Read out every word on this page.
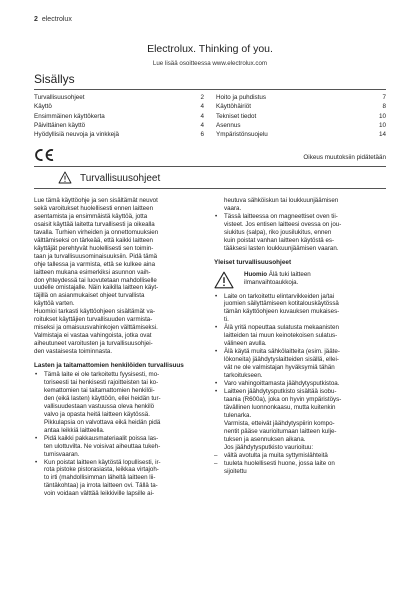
2 electrolux
Electrolux. Thinking of you.
Lue lisää osoitteessa www.electrolux.com
Sisällys
Turvallisuusohjeet	2
Käyttö	4
Ensimmäinen käyttökerta	4
Päivittäinen käyttö	4
Hyödyllisiä neuvoja ja vinkkejä	6
Hoito ja puhdistus	7
Käyttöhäiriöt	8
Tekniset tiedot	10
Asennus	10
Ympäristönsuojelu	14
Oikeus muutoksiin pidätetään
Turvallisuusohjeet
Lue tämä käyttöohje ja sen sisältämät neuvot
sekä varoitukset huolellisesti ennen laitteen
asentamista ja ensimmäistä käyttöä, jotta
osaisit käyttää laitetta turvallisesti ja oikealla
tavalla. Turhien virheiden ja onnettomuuksien
välttämiseksi on tärkeää, että kaikki laitteen
käyttäjät perehtyvät huolellisesti sen toimin-
taan ja turvallisuusominaisuuksiin. Pidä tämä
ohje tallessa ja varmista, että se kulkee aina
laitteen mukana esimerkiksi asunnon vaih-
don yhteydessä tai luovutetaan mahdolliselle
uudelle omistajalle. Näin kaikilla laitteen käyt-
täjillä on asianmukaiset ohjeet turvallista
käyttöä varten.
Huomioi tarkasti käyttöohjeen sisältämät va-
roitukset käyttäjien turvallisuuden varmista-
miseksi ja omaisuusvahinkojen välttämiseksi.
Valmistaja ei vastaa vahingoista, jotka ovat
aiheutuneet varoitusten ja turvallisuusohjei-
den vastaisesta toiminnasta.
Lasten ja taitamattomien henkilöiden turvallisuus
• Tämä laite ei ole tarkoitettu fyysisesti, mo-
toriseesti tai henkisesti rajoitteisten tai ko-
kemattomien tai taitamattomien henkilöi-
den (eikä lasten) käyttöön, ellei heidän tur-
vallisuudestaan vastuussa oleva henkilö
valvo ja opasta heitä laitteen käytössä.
Pikkulapsia on valvottava eikä heidän pidä
antaa leikkiä laitteella.
• Pidä kaikki pakkausmateriaalit poissa las-
ten ulottuvilta. Ne voisivat aiheuttaa tukeh-
tumisvaaran.
• Kun poistat laitteen käytöstä lopullisesti, ir-
rota pistoke pistorasiasta, leikkaa virtajoh-
to irti (mahdollisimman läheltä laitteen lii-
täntäkohtaa) ja irrota laitteen ovi. Tällä ta-
voin voidaan välttää leikkiville lapsille ai-
heutuva sähköiskun tai loukkuunjäämisen
vaara.
• Tässä laitteessa on magneettiset oven tii-
visteet. Jos entisen laitteesi ovessa on jou-
siukitus (salpa), riko jousilukitus, ennen
kuin poistat vanhan laitteen käytöstä es-
tääksesi lasten loukkuunjäämisen vaaran.
Yleiset turvallisuusohjeet
Huomio Älä tuki laitteen
ilmanvaihtoaukkoja.
• Laite on tarkoitettu elintarvikkeiden ja/tai
juomien säilyttämiseen kotitalouskäytössä
tämän käyttöohjeen kuvauksen mukaises-
ti.
• Älä yritä nopeuttaa sulatusta mekaanisten
laitteiden tai muun keinotekoisen sulatus-
välineen avulla.
• Älä käytä muita sähkölaitteita (esim. jääte-
lökoneita) jäähdytyslaitteiden sisällä, ellei-
vät ne ole valmistajan hyväksymiä tähän
tarkoitukseen.
• Varo vahingoittamasta jäähdytysputkistoa.
• Laitteen jäähdytysputkisto sisältää isobu-
taania (R600a), joka on hyvin ympäristöys-
tävällinen luonnonkaasu, mutta kuitenkin
tulenarka.
Varmista, etteivät jäähdytyspiirin kompo-
nentit pääse vaurioitumaan laitteen kulje-
tuksen ja asennuksen aikana.
Jos jäähdytysputkisto vaurioituu:
– vältä avotulta ja muita syttymislähteitä
– tuuleta huolellisesti huone, jossa laite on
sijoitettu
